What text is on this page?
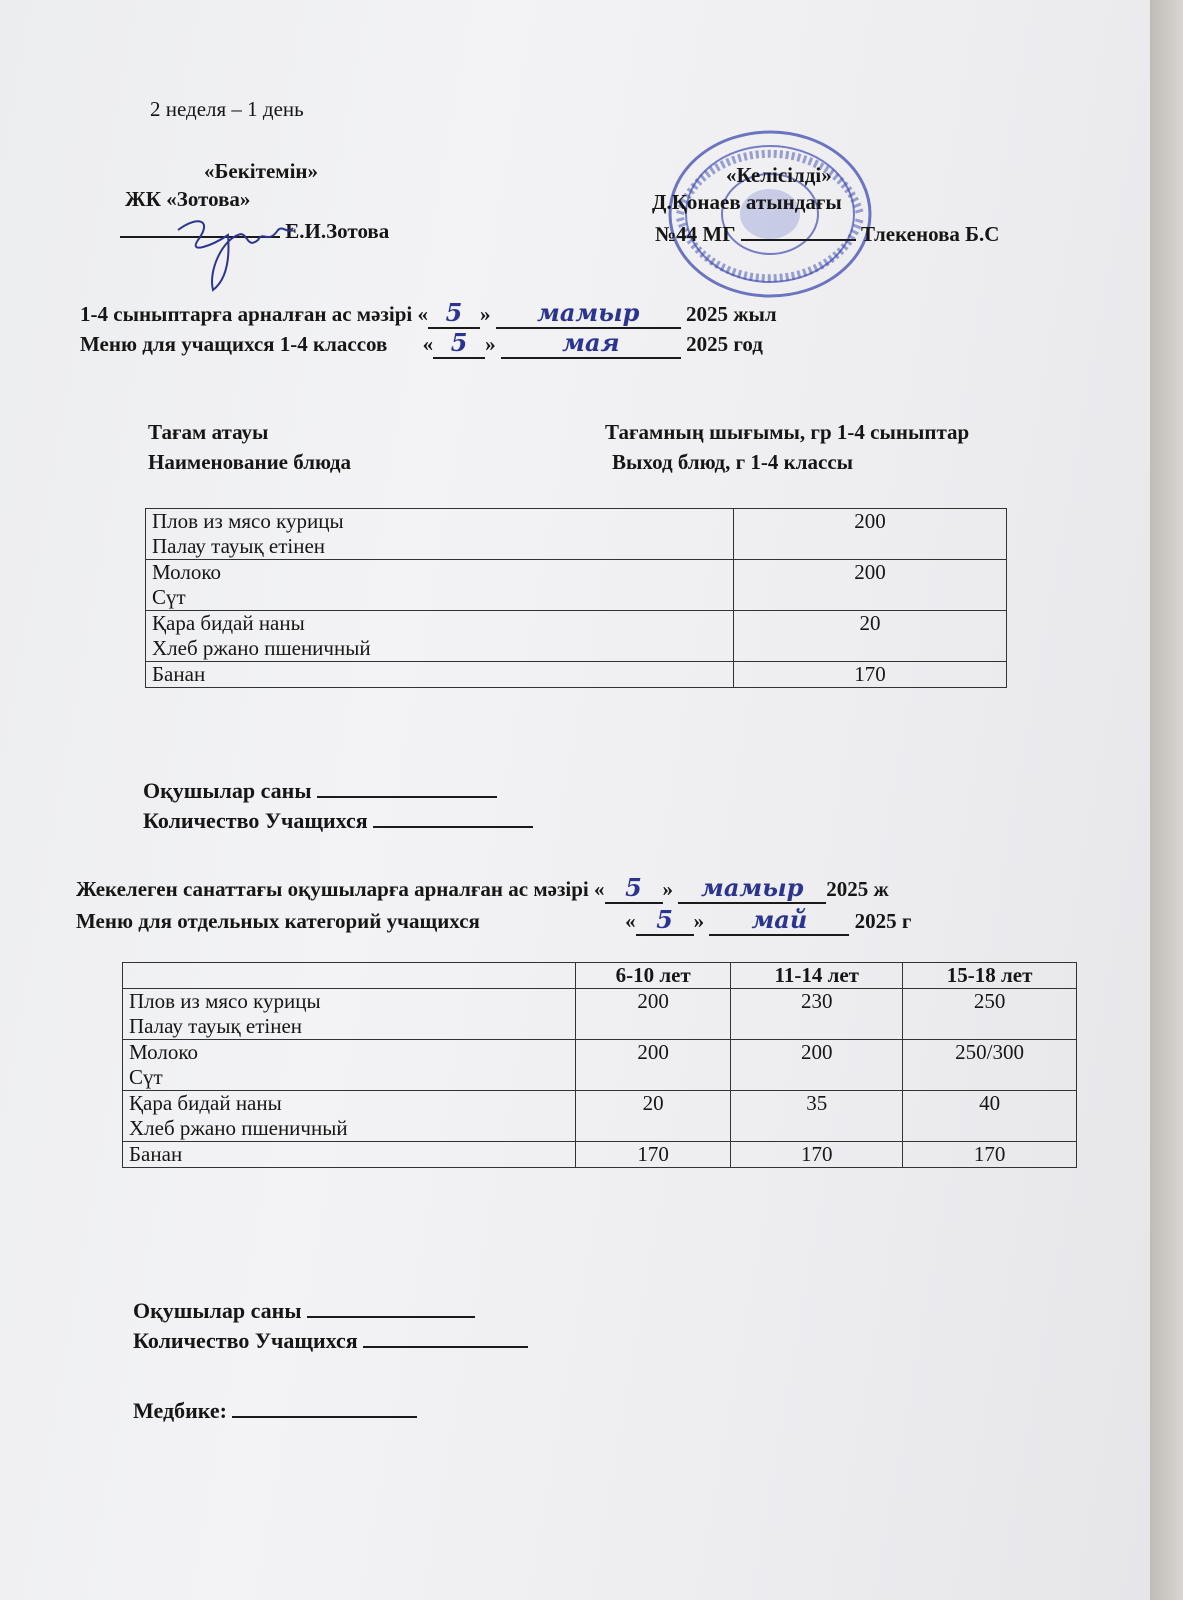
2 неделя – 1 день
«Бекітемін»
ЖК «Зотова»
Е.И.Зотова
«Келісілді»
Д.Қонаев атындағы
№44 МГ	Тлекенова Б.С
1-4 сыныптарға арналған ас мәзірі « 5 » мамыр 2025 жыл
Меню для учащихся 1-4 классов « 5 »	мая	2025 год
Тағам атауы
Наименование блюда
Тағамның шығымы, гр 1-4 сыныптар
Выход блюд, г 1-4 классы
Плов из мясо курицы
Палау тауық етінен	200

Молоко
Сүт	200

Қара бидай наны
Хлеб ржано пшеничный	20

Банан	170
Оқушылар саны
Количество Учащихся
Жекелеген санаттағы оқушыларға арналған ас мәзірі « 5 » мамыр 2025 ж
Меню для отдельных категорий учащихся	« 5 » май 2025 г
	6-10 лет	11-14 лет	15-18 лет

Плов из мясо курицы
Палау тауық етінен	200	230	250

Молоко
Сүт	200	200	250/300

Қара бидай наны
Хлеб ржано пшеничный	20	35	40

Банан	170	170	170
Оқушылар саны
Количество Учащихся
Медбике:
